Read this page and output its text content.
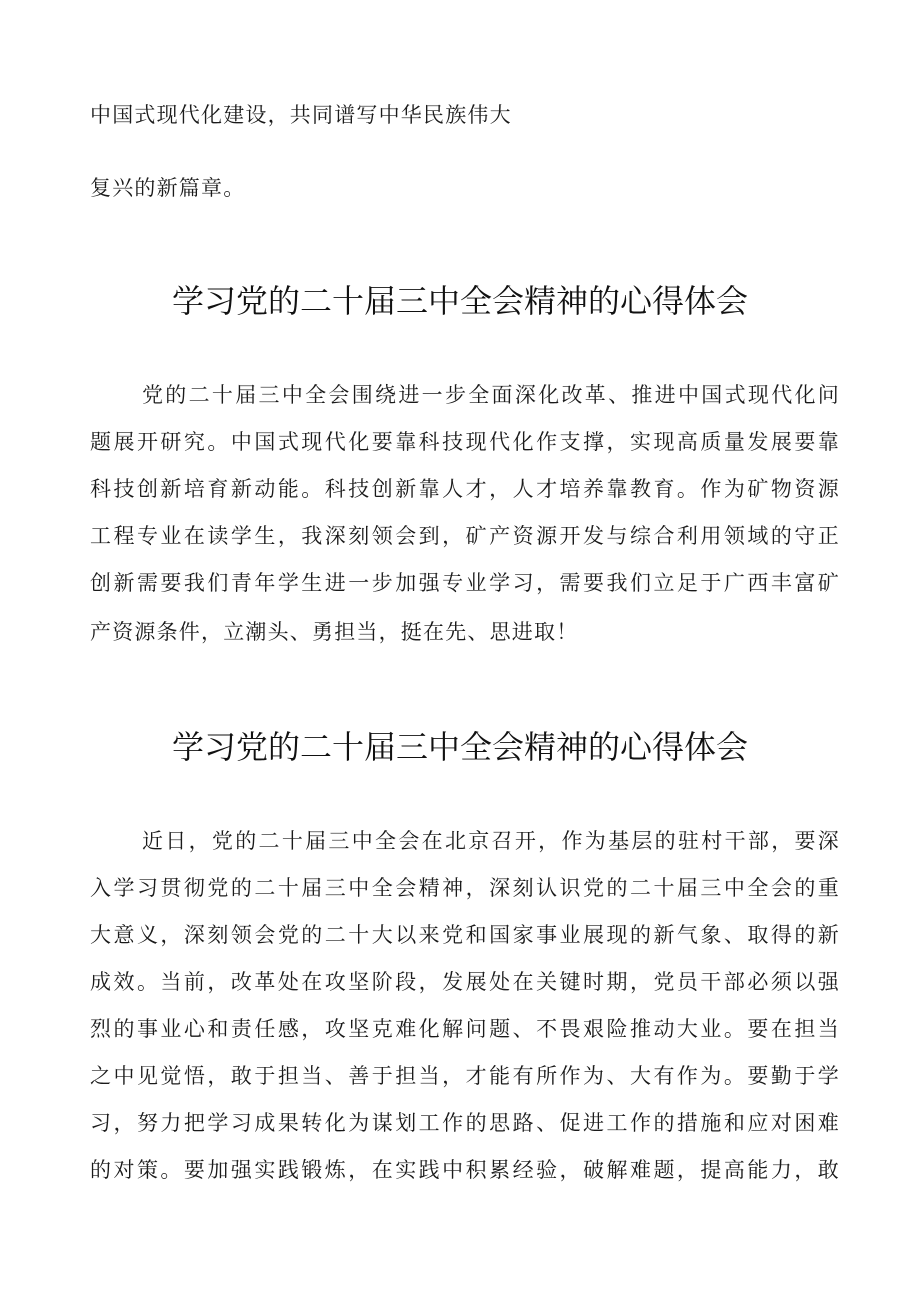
中国式现代化建设，共同谱写中华民族伟大
复兴的新篇章。
学习党的二十届三中全会精神的心得体会
党的二十届三中全会围绕进一步全面深化改革、推进中国式现代化问
题展开研究。中国式现代化要靠科技现代化作支撑，实现高质量发展要靠
科技创新培育新动能。科技创新靠人才，人才培养靠教育。作为矿物资源
工程专业在读学生，我深刻领会到，矿产资源开发与综合利用领域的守正
创新需要我们青年学生进一步加强专业学习，需要我们立足于广西丰富矿
产资源条件，立潮头、勇担当，挺在先、思进取！
学习党的二十届三中全会精神的心得体会
近日，党的二十届三中全会在北京召开，作为基层的驻村干部，要深
入学习贯彻党的二十届三中全会精神，深刻认识党的二十届三中全会的重
大意义，深刻领会党的二十大以来党和国家事业展现的新气象、取得的新
成效。当前，改革处在攻坚阶段，发展处在关键时期，党员干部必须以强
烈的事业心和责任感，攻坚克难化解问题、不畏艰险推动大业。要在担当
之中见觉悟，敢于担当、善于担当，才能有所作为、大有作为。要勤于学
习，努力把学习成果转化为谋划工作的思路、促进工作的措施和应对困难
的对策。要加强实践锻炼，在实践中积累经验，破解难题，提高能力，敢
